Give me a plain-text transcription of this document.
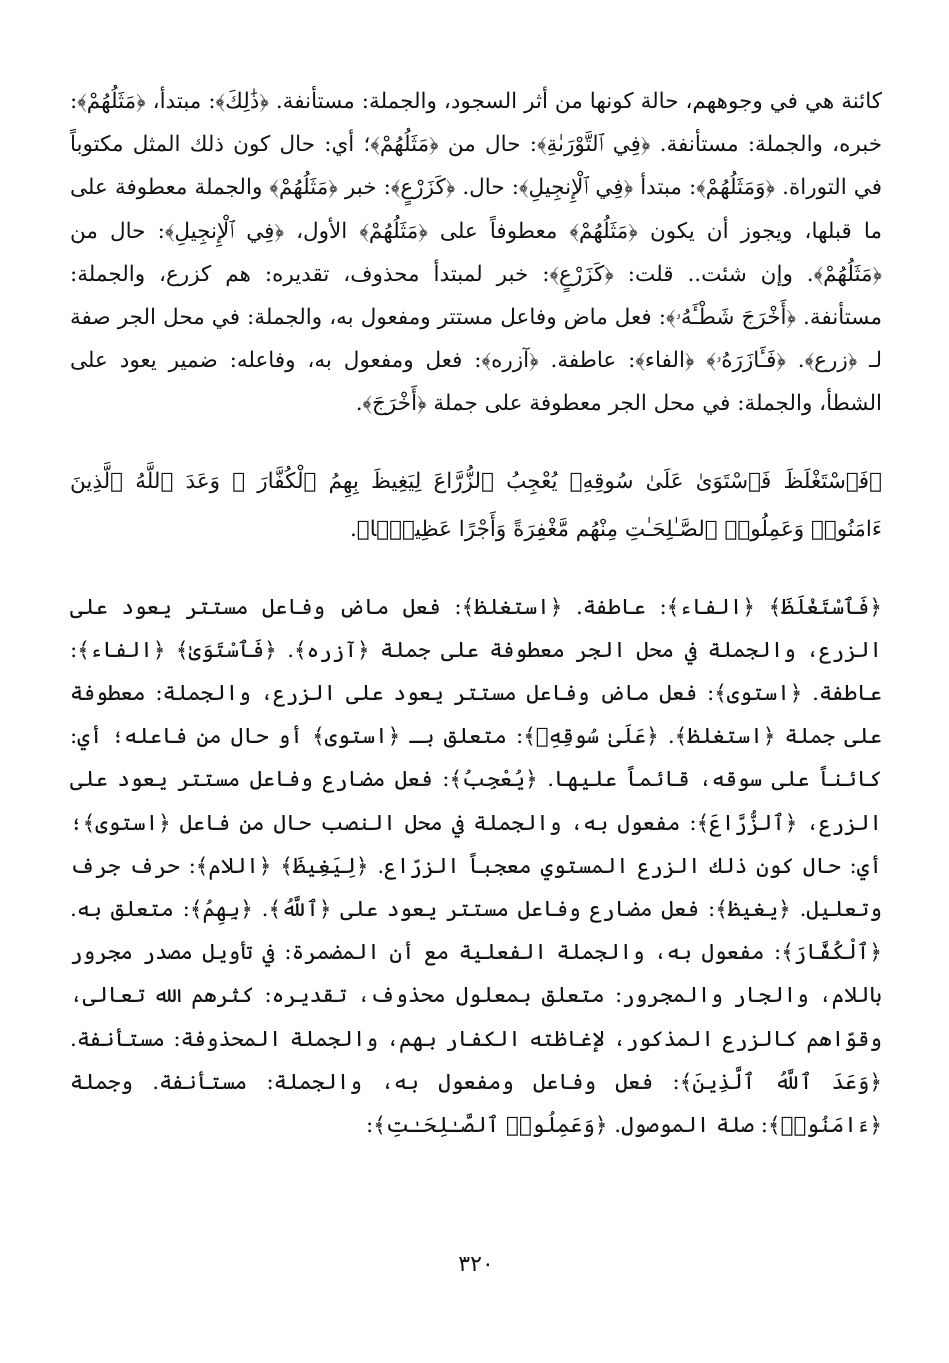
كائنة هي في وجوههم، حالة كونها من أثر السجود، والجملة: مستأنفة. ﴿ذَٰلِكَ﴾: مبتدأ، ﴿مَثَلُهُمْ﴾: خبره، والجملة: مستأنفة. ﴿فِي ٱلتَّوْرَىٰةِ﴾: حال من ﴿مَثَلُهُمْ﴾؛ أي: حال كون ذلك المثل مكتوباً في التوراة. ﴿وَمَثَلُهُمْ﴾: مبتدأ ﴿فِي ٱلْإِنجِيلِ﴾: حال. ﴿كَزَرْعٍ﴾: خبر ﴿مَثَلُهُمْ﴾ والجملة معطوفة على ما قبلها، ويجوز أن يكون ﴿مَثَلُهُمْ﴾ معطوفاً على ﴿مَثَلُهُمْ﴾ الأول، ﴿فِي ٱلْإِنجِيلِ﴾: حال من ﴿مَثَلُهُمْ﴾. وإن شئت.. قلت: ﴿كَزَرْعٍ﴾: خبر لمبتدأ محذوف، تقديره: هم كزرع، والجملة: مستأنفة. ﴿أَخْرَجَ شَطْـَٔهُۥ﴾: فعل ماض وفاعل مستتر ومفعول به، والجملة: في محل الجر صفة لـ ﴿زرع﴾. ﴿فَـَٔازَرَهُۥ﴾ ﴿الفاء﴾: عاطفة. ﴿آزره﴾: فعل ومفعول به، وفاعله: ضمير يعود على الشطأ، والجملة: في محل الجر معطوفة على جملة ﴿أَخْرَجَ﴾.

﴿فَٱسْتَغْلَظَ فَٱسْتَوَىٰ عَلَىٰ سُوقِهِۦ يُعْجِبُ ٱلزُّرَّاعَ لِيَغِيظَ بِهِمُ ٱلْكُفَّارَ ۗ وَعَدَ ٱللَّهُ ٱلَّذِينَ ءَامَنُوا۟ وَعَمِلُوا۟ ٱلصَّـٰلِحَـٰتِ مِنْهُم مَّغْفِرَةً وَأَجْرًا عَظِيمًۢا﴾.

﴿فَٱسْتَغْلَظَ﴾ ﴿الفاء﴾: عاطفة. ﴿استغلظ﴾: فعل ماض وفاعل مستتر يعود على الزرع، والجملة في محل الجر معطوفة على جملة ﴿آزره﴾. ﴿فَٱسْتَوَىٰ﴾ ﴿الفاء﴾: عاطفة. ﴿استوى﴾: فعل ماض وفاعل مستتر يعود على الزرع، والجملة: معطوفة على جملة ﴿استغلظ﴾. ﴿عَلَىٰ سُوقِهِۦ﴾: متعلق بـ ﴿استوى﴾ أو حال من فاعله؛ أي: كائناً على سوقه، قائماً عليها. ﴿يُعْجِبُ﴾: فعل مضارع وفاعل مستتر يعود على الزرع، ﴿ٱلزُّرَّاعَ﴾: مفعول به، والجملة في محل النصب حال من فاعل ﴿استوى﴾؛ أي: حال كون ذلك الزرع المستوي معجباً الزرّاع. ﴿لِيَغِيظَ﴾ ﴿اللام﴾: حرف جرف وتعليل. ﴿يغيظ﴾: فعل مضارع وفاعل مستتر يعود على ﴿ٱللَّهُ﴾. ﴿بِهِمُ﴾: متعلق به. ﴿ٱلْكُفَّارَ﴾: مفعول به، والجملة الفعلية مع أن المضمرة: في تأويل مصدر مجرور باللام، والجار والمجرور: متعلق بمعلول محذوف، تقديره: كثرهم الله تعالى، وقوّاهم كالزرع المذكور، لإغاظته الكفار بهم، والجملة المحذوفة: مستأنفة. ﴿وَعَدَ ٱللَّهُ ٱلَّذِينَ﴾: فعل وفاعل ومفعول به، والجملة: مستأنفة. وجملة ﴿ءَامَنُوا۟﴾: صلة الموصول. ﴿وَعَمِلُوا۟ ٱلصَّـٰلِحَـٰتِ﴾:

٣٢٠
